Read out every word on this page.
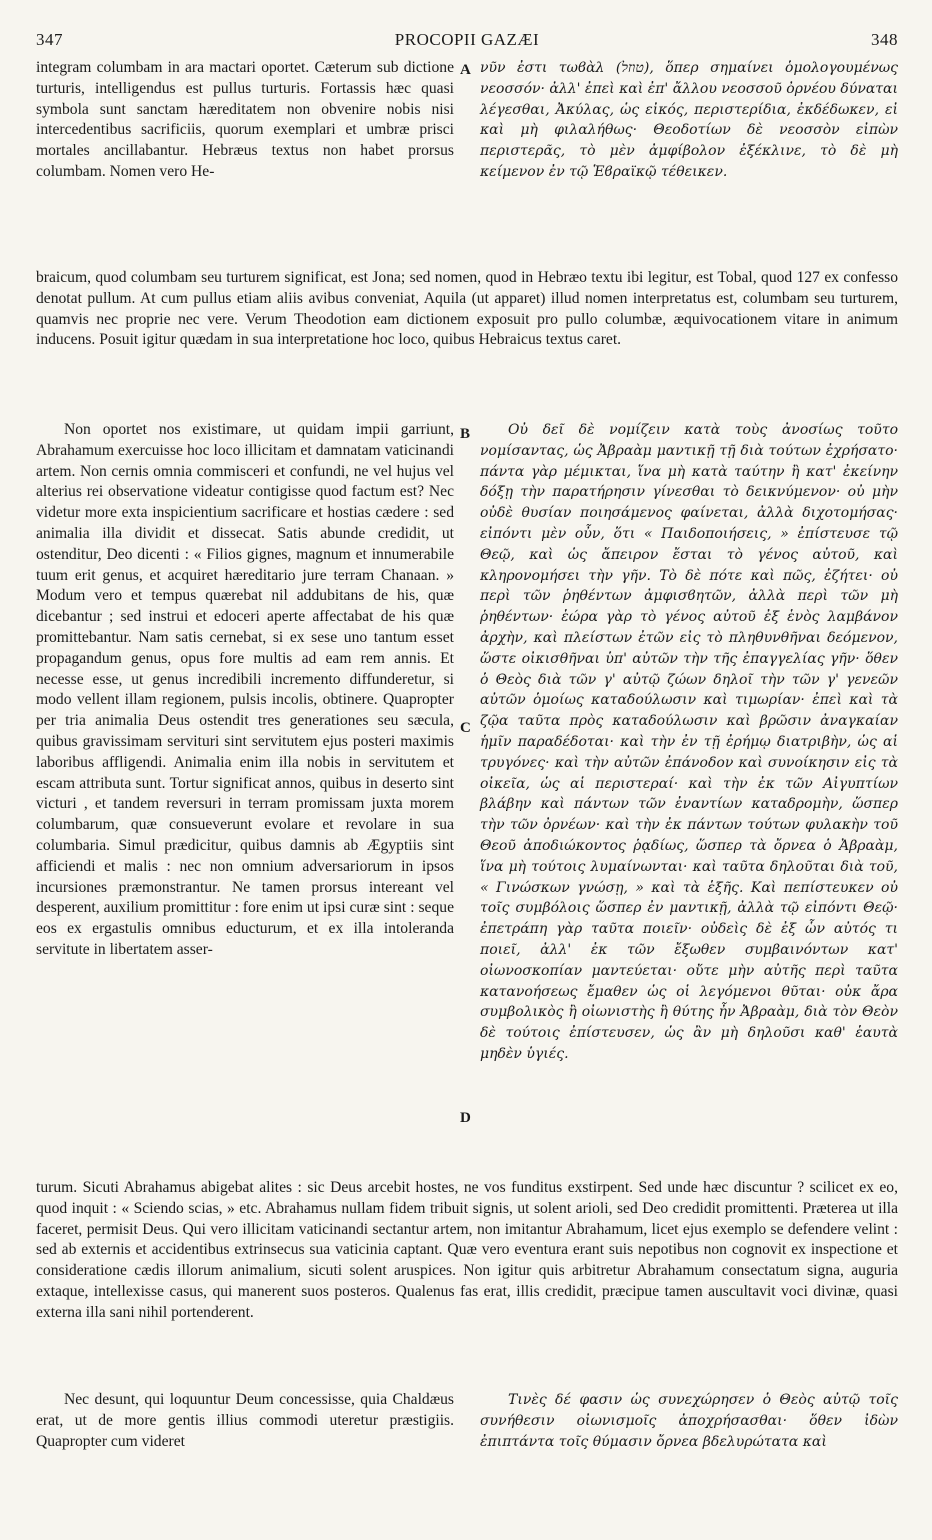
347	PROCOPII GAZÆI	348

integram columbam in ara mactari oportet. Cæterum sub dictione turturis, intelligendus est pullus turturis. Fortassis hæc quasi symbola sunt sanctam hæreditatem non obvenire nobis nisi intercedentibus sacrificiis, quorum exemplari et umbræ prisci mortales ancillabantur. Hebræus textus non habet prorsus columbam. Nomen vero He-

A νῦν ἐστι τωϐὰλ (טוזל), ὅπερ σημαίνει ὁμολογουμένως νεοσσόν· ἀλλ' ἐπεὶ καὶ ἐπ' ἄλλου νεοσσοῦ ὀρνέου δύναται λέγεσθαι, Ἀκύλας, ὡς εἰκός, περιστερίδια, ἐκδέδωκεν, εἰ καὶ μὴ φιλαλήθως· Θεοδοτίων δὲ νεοσσὸν εἰπὼν περιστερᾶς, τὸ μὲν ἀμφίβολον ἐξέκλινε, τὸ δὲ μὴ κείμενον ἐν τῷ Ἑϐραϊκῷ τέθεικεν.

braicum, quod columbam seu turturem significat, est Jona; sed nomen, quod in Hebræo textu ibi legitur, est Tobal, quod 127 ex confesso denotat pullum. At cum pullus etiam aliis avibus conveniat, Aquila (ut apparet) illud nomen interpretatus est, columbam seu turturem, quamvis nec proprie nec vere. Verum Theodotion eam dictionem exposuit pro pullo columbæ, æquivocationem vitare in animum inducens. Posuit igitur quædam in sua interpretatione hoc loco, quibus Hebraicus textus caret.

Non oportet nos existimare, ut quidam impii garriunt, Abrahamum exercuisse hoc loco illicitam et damnatam vaticinandi artem. Non cernis omnia commisceri et confundi, ne vel hujus vel alterius rei observatione videatur contigisse quod factum est? Nec videtur more exta inspicientium sacrificare et hostias cædere : sed animalia illa dividit et dissecat. Satis abunde credidit, ut ostenditur, Deo dicenti : « Filios gignes, magnum et innumerabile tuum erit genus, et acquiret hæreditario jure terram Chanaan. » Modum vero et tempus quærebat nil addubitans de his, quæ dicebantur ; sed instrui et edoceri aperte affectabat de his quæ promittebantur. Nam satis cernebat, si ex sese uno tantum esset propagandum genus, opus fore multis ad eam rem annis. Et necesse esse, ut genus incredibili incremento diffunderetur, si modo vellent illam regionem, pulsis incolis, obtinere. Quapropter per tria animalia Deus ostendit tres generationes seu sæcula, quibus gravissimam servituri sint servitutem ejus posteri maximis laboribus affligendi. Animalia enim illa nobis in servitutem et escam attributa sunt. Tortur significat annos, quibus in deserto sint victuri , et tandem reversuri in terram promissam juxta morem columbarum, quæ consueverunt evolare et revolare in sua columbaria. Simul prædicitur, quibus damnis ab Ægyptiis sint afficiendi et malis : nec non omnium adversariorum in ipsos incursiones præmonstrantur. Ne tamen prorsus intereant vel desperent, auxilium promittitur : fore enim ut ipsi curæ sint : seque eos ex ergastulis omnibus educturum, et ex illa intoleranda servitute in libertatem asser-

B
C
D

Οὐ δεῖ δὲ νομίζειν κατὰ τοὺς ἀνοσίως τοῦτο νομίσαντας, ὡς Ἀβραὰμ μαντικῇ τῇ διὰ τούτων ἐχρήσατο· πάντα γὰρ μέμικται, ἵνα μὴ κατὰ ταύτην ἢ κατ' ἐκείνην δόξῃ τὴν παρατήρησιν γίνεσθαι τὸ δεικνύμενον· οὐ μὴν οὐδὲ θυσίαν ποιησάμενος φαίνεται, ἀλλὰ διχοτομήσας· εἰπόντι μὲν οὖν, ὅτι « Παιδοποιήσεις, » ἐπίστευσε τῷ Θεῷ, καὶ ὡς ἄπειρον ἔσται τὸ γένος αὐτοῦ, καὶ κληρονομήσει τὴν γῆν. Τὸ δὲ πότε καὶ πῶς, ἐζήτει· οὐ περὶ τῶν ῥηθέντων ἀμφισϐητῶν, ἀλλὰ περὶ τῶν μὴ ῥηθέντων· ἑώρα γὰρ τὸ γένος αὐτοῦ ἐξ ἑνὸς λαμβάνον ἀρχὴν, καὶ πλείστων ἐτῶν εἰς τὸ πληθυνθῆναι δεόμενον, ὥστε οἰκισθῆναι ὑπ' αὐτῶν τὴν τῆς ἐπαγγελίας γῆν· ὅθεν ὁ Θεὸς διὰ τῶν γ' αὐτῷ ζώων δηλοῖ τὴν τῶν γ' γενεῶν αὐτῶν ὁμοίως καταδούλωσιν καὶ τιμωρίαν· ἐπεὶ καὶ τὰ ζῷα ταῦτα πρὸς καταδούλωσιν καὶ βρῶσιν ἀναγκαίαν ἡμῖν παραδέδοται· καὶ τὴν ἐν τῇ ἐρήμῳ διατριβὴν, ὡς αἱ τρυγόνες· καὶ τὴν αὐτῶν ἐπάνοδον καὶ συνοίκησιν εἰς τὰ οἰκεῖα, ὡς αἱ περιστεραί· καὶ τὴν ἐκ τῶν Αἰγυπτίων βλάβην καὶ πάντων τῶν ἐναντίων καταδρομὴν, ὥσπερ τὴν τῶν ὀρνέων· καὶ τὴν ἐκ πάντων τούτων φυλακὴν τοῦ Θεοῦ ἀποδιώκοντος ῥᾳδίως, ὥσπερ τὰ ὄρνεα ὁ Ἀβραὰμ, ἵνα μὴ τούτοις λυμαίνωνται· καὶ ταῦτα δηλοῦται διὰ τοῦ, « Γινώσκων γνώσῃ, » καὶ τὰ ἑξῆς. Καὶ πεπίστευκεν οὐ τοῖς συμβόλοις ὥσπερ ἐν μαντικῇ, ἀλλὰ τῷ εἰπόντι Θεῷ· ἐπετράπη γὰρ ταῦτα ποιεῖν· οὐδεὶς δὲ ἐξ ὧν αὐτός τι ποιεῖ, ἀλλ' ἐκ τῶν ἔξωθεν συμβαινόντων κατ' οἰωνοσκοπίαν μαντεύεται· οὔτε μὴν αὐτῆς περὶ ταῦτα κατανοήσεως ἔμαθεν ὡς οἱ λεγόμενοι θῦται· οὐκ ἄρα συμβολικὸς ἢ οἰωνιστὴς ἢ θύτης ἦν Ἀβραὰμ, διὰ τὸν Θεὸν δὲ τούτοις ἐπίστευσεν, ὡς ἂν μὴ δηλοῦσι καθ' ἑαυτὰ μηδὲν ὑγιές.

turum. Sicuti Abrahamus abigebat alites : sic Deus arcebit hostes, ne vos funditus exstirpent. Sed unde hæc discuntur ? scilicet ex eo, quod inquit : « Sciendo scias, » etc. Abrahamus nullam fidem tribuit signis, ut solent arioli, sed Deo credidit promittenti. Præterea ut illa faceret, permisit Deus. Qui vero illicitam vaticinandi sectantur artem, non imitantur Abrahamum, licet ejus exemplo se defendere velint : sed ab externis et accidentibus extrinsecus sua vaticinia captant. Quæ vero eventura erant suis nepotibus non cognovit ex inspectione et consideratione cædis illorum animalium, sicuti solent aruspices. Non igitur quis arbitretur Abrahamum consectatum signa, auguria extaque, intellexisse casus, qui manerent suos posteros. Qualenus fas erat, illis credidit, præcipue tamen auscultavit voci divinæ, quasi externa illa sani nihil portenderent.

Nec desunt, qui loquuntur Deum concessisse, quia Chaldæus erat, ut de more gentis illius commodi uteretur præstigiis. Quapropter cum videret

Τινὲς δέ φασιν ὡς συνεχώρησεν ὁ Θεὸς αὐτῷ τοῖς συνήθεσιν οἰωνισμοῖς ἀποχρήσασθαι· ὅθεν ἰδὼν ἐπιπτάντα τοῖς θύμασιν ὄρνεα βδελυρώτατα καὶ
